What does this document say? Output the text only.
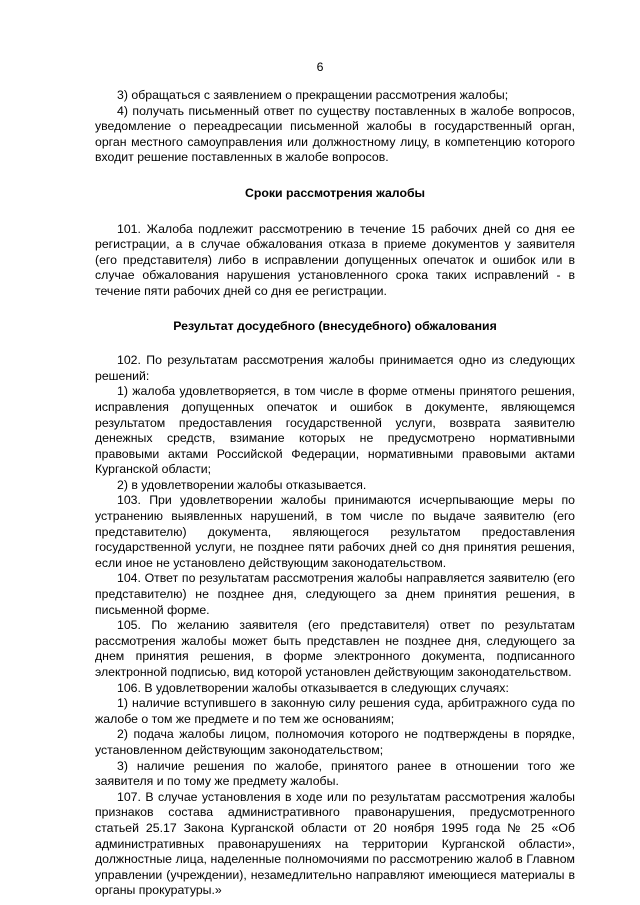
6

3) обращаться с заявлением о прекращении рассмотрения жалобы;

4) получать письменный ответ по существу поставленных в жалобе вопросов, уведомление о переадресации письменной жалобы в государственный орган, орган местного самоуправления или должностному лицу, в компетенцию которого входит решение поставленных в жалобе вопросов.

Сроки рассмотрения жалобы

101. Жалоба подлежит рассмотрению в течение 15 рабочих дней со дня ее регистрации, а в случае обжалования отказа в приеме документов у заявителя (его представителя) либо в исправлении допущенных опечаток и ошибок или в случае обжалования нарушения установленного срока таких исправлений - в течение пяти рабочих дней со дня ее регистрации.

Результат досудебного (внесудебного) обжалования

102. По результатам рассмотрения жалобы принимается одно из следующих решений:

1) жалоба удовлетворяется, в том числе в форме отмены принятого решения, исправления допущенных опечаток и ошибок в документе, являющемся результатом предоставления государственной услуги, возврата заявителю денежных средств, взимание которых не предусмотрено нормативными правовыми актами Российской Федерации, нормативными правовыми актами Курганской области;

2) в удовлетворении жалобы отказывается.

103. При удовлетворении жалобы принимаются исчерпывающие меры по устранению выявленных нарушений, в том числе по выдаче заявителю (его представителю) документа, являющегося результатом предоставления государственной услуги, не позднее пяти рабочих дней со дня принятия решения, если иное не установлено действующим законодательством.

104. Ответ по результатам рассмотрения жалобы направляется заявителю (его представителю) не позднее дня, следующего за днем принятия решения, в письменной форме.

105. По желанию заявителя (его представителя) ответ по результатам рассмотрения жалобы может быть представлен не позднее дня, следующего за днем принятия решения, в форме электронного документа, подписанного электронной подписью, вид которой установлен действующим законодательством.

106. В удовлетворении жалобы отказывается в следующих случаях:

1) наличие вступившего в законную силу решения суда, арбитражного суда по жалобе о том же предмете и по тем же основаниям;

2) подача жалобы лицом, полномочия которого не подтверждены в порядке, установленном действующим законодательством;

3) наличие решения по жалобе, принятого ранее в отношении того же заявителя и по тому же предмету жалобы.

107. В случае установления в ходе или по результатам рассмотрения жалобы признаков состава административного правонарушения, предусмотренного статьей 25.17 Закона Курганской области от 20 ноября 1995 года № 25 «Об административных правонарушениях на территории Курганской области», должностные лица, наделенные полномочиями по рассмотрению жалоб в Главном управлении (учреждении), незамедлительно направляют имеющиеся материалы в органы прокуратуры.»
